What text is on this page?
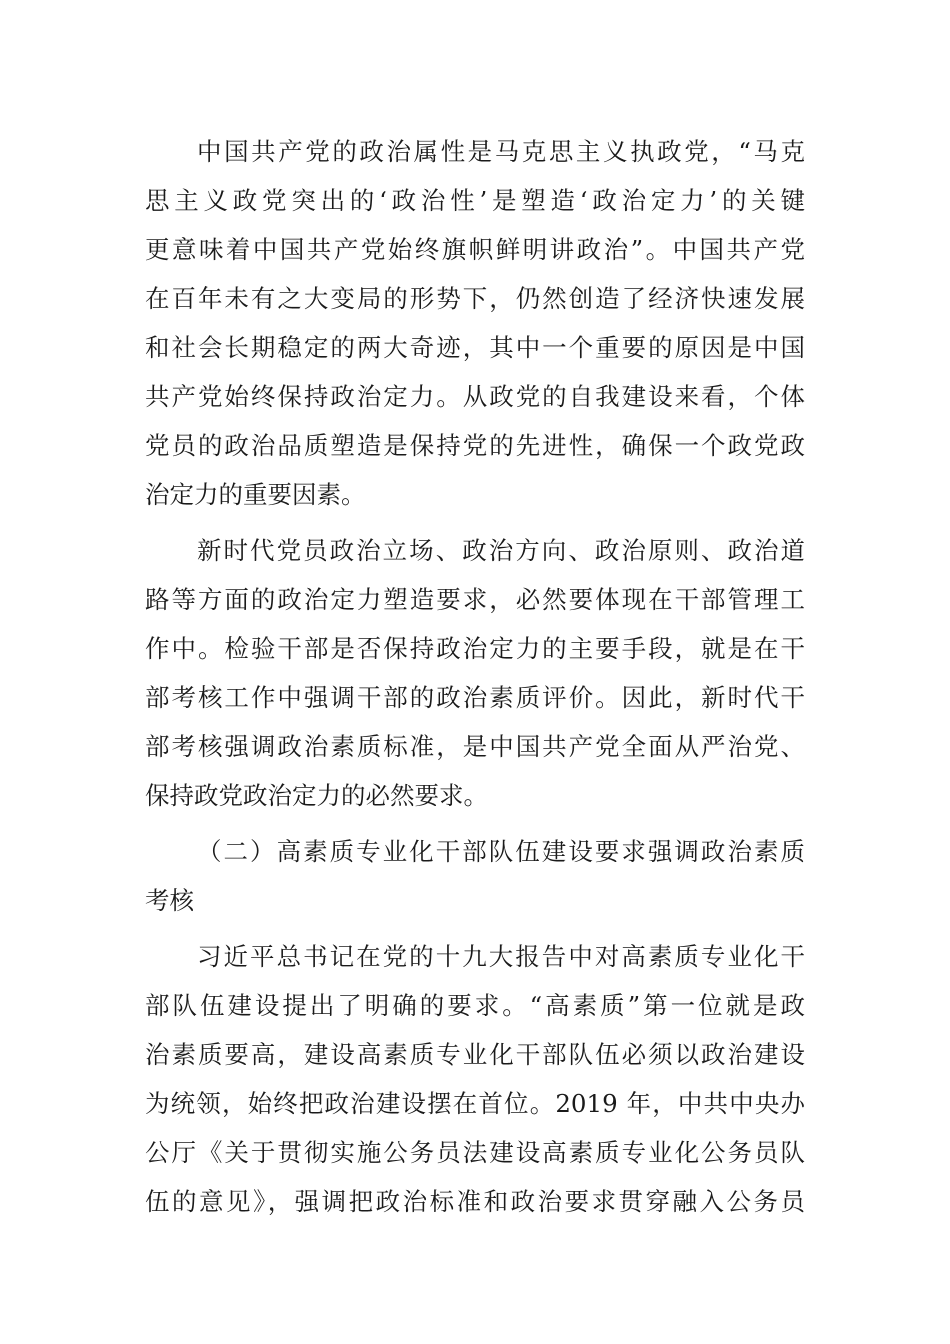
中国共产党的政治属性是马克思主义执政党，“马克
思主义政党突出的‘政治性’是塑造‘政治定力’的关键
更意味着中国共产党始终旗帜鲜明讲政治”。中国共产党
在百年未有之大变局的形势下，仍然创造了经济快速发展
和社会长期稳定的两大奇迹，其中一个重要的原因是中国
共产党始终保持政治定力。从政党的自我建设来看，个体
党员的政治品质塑造是保持党的先进性，确保一个政党政
治定力的重要因素。
新时代党员政治立场、政治方向、政治原则、政治道
路等方面的政治定力塑造要求，必然要体现在干部管理工
作中。检验干部是否保持政治定力的主要手段，就是在干
部考核工作中强调干部的政治素质评价。因此，新时代干
部考核强调政治素质标准，是中国共产党全面从严治党、
保持政党政治定力的必然要求。
（二）高素质专业化干部队伍建设要求强调政治素质
考核
习近平总书记在党的十九大报告中对高素质专业化干
部队伍建设提出了明确的要求。“高素质”第一位就是政
治素质要高，建设高素质专业化干部队伍必须以政治建设
为统领，始终把政治建设摆在首位。2019 年，中共中央办
公厅《关于贯彻实施公务员法建设高素质专业化公务员队
伍的意见》，强调把政治标准和政治要求贯穿融入公务员
